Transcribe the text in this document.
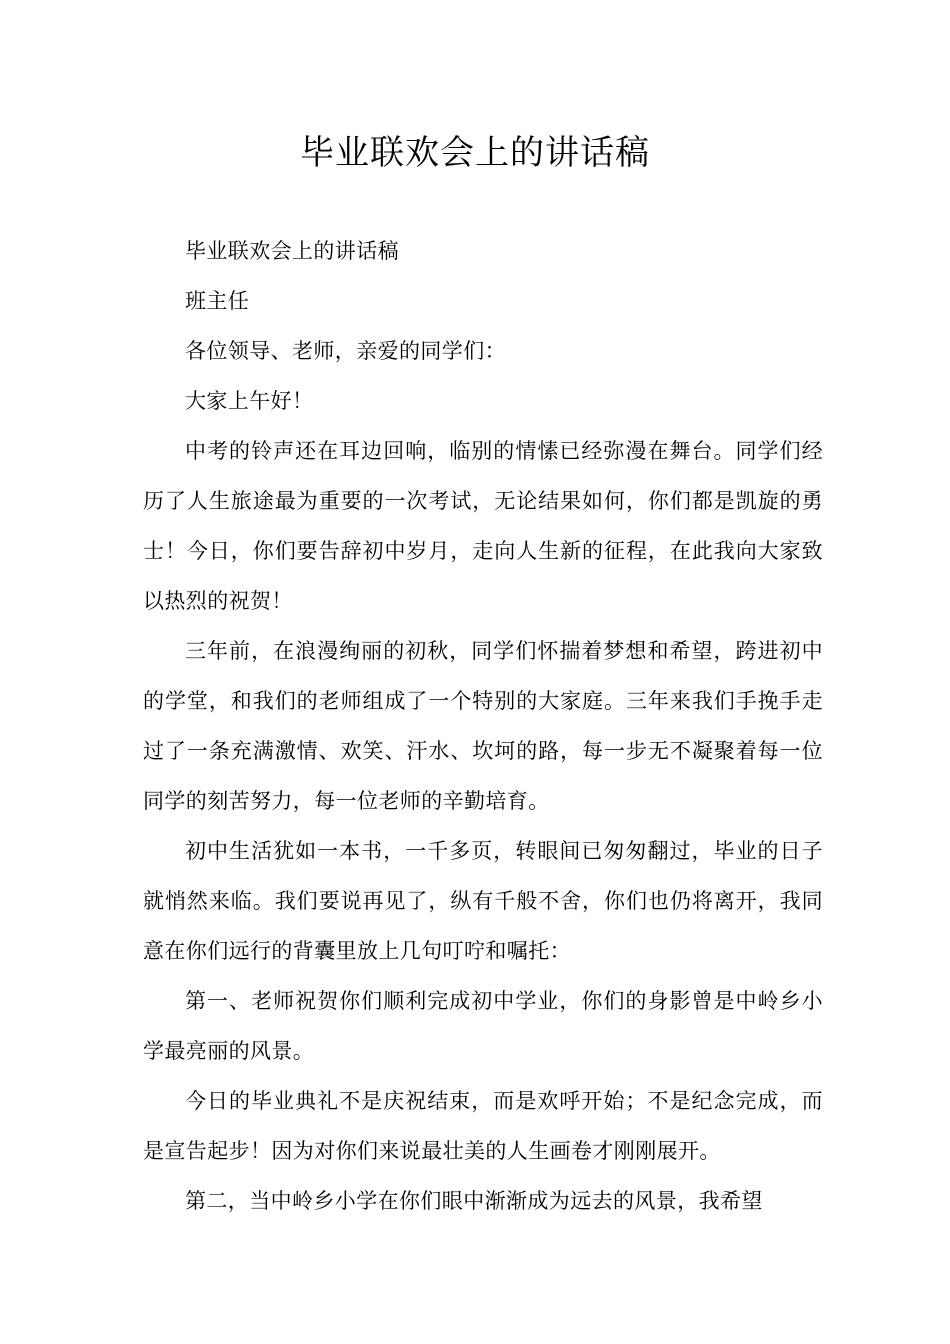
毕业联欢会上的讲话稿

毕业联欢会上的讲话稿

班主任

各位领导、老师，亲爱的同学们：

大家上午好！

中考的铃声还在耳边回响，临别的情愫已经弥漫在舞台。同学们经历了人生旅途最为重要的一次考试，无论结果如何，你们都是凯旋的勇士！今日，你们要告辞初中岁月，走向人生新的征程，在此我向大家致以热烈的祝贺！

三年前，在浪漫绚丽的初秋，同学们怀揣着梦想和希望，跨进初中的学堂，和我们的老师组成了一个特别的大家庭。三年来我们手挽手走过了一条充满激情、欢笑、汗水、坎坷的路，每一步无不凝聚着每一位同学的刻苦努力，每一位老师的辛勤培育。

初中生活犹如一本书，一千多页，转眼间已匆匆翻过，毕业的日子就悄然来临。我们要说再见了，纵有千般不舍，你们也仍将离开，我同意在你们远行的背囊里放上几句叮咛和嘱托：

第一、老师祝贺你们顺利完成初中学业，你们的身影曾是中岭乡小学最亮丽的风景。

今日的毕业典礼不是庆祝结束，而是欢呼开始；不是纪念完成，而是宣告起步！因为对你们来说最壮美的人生画卷才刚刚展开。

第二，当中岭乡小学在你们眼中渐渐成为远去的风景，我希望
